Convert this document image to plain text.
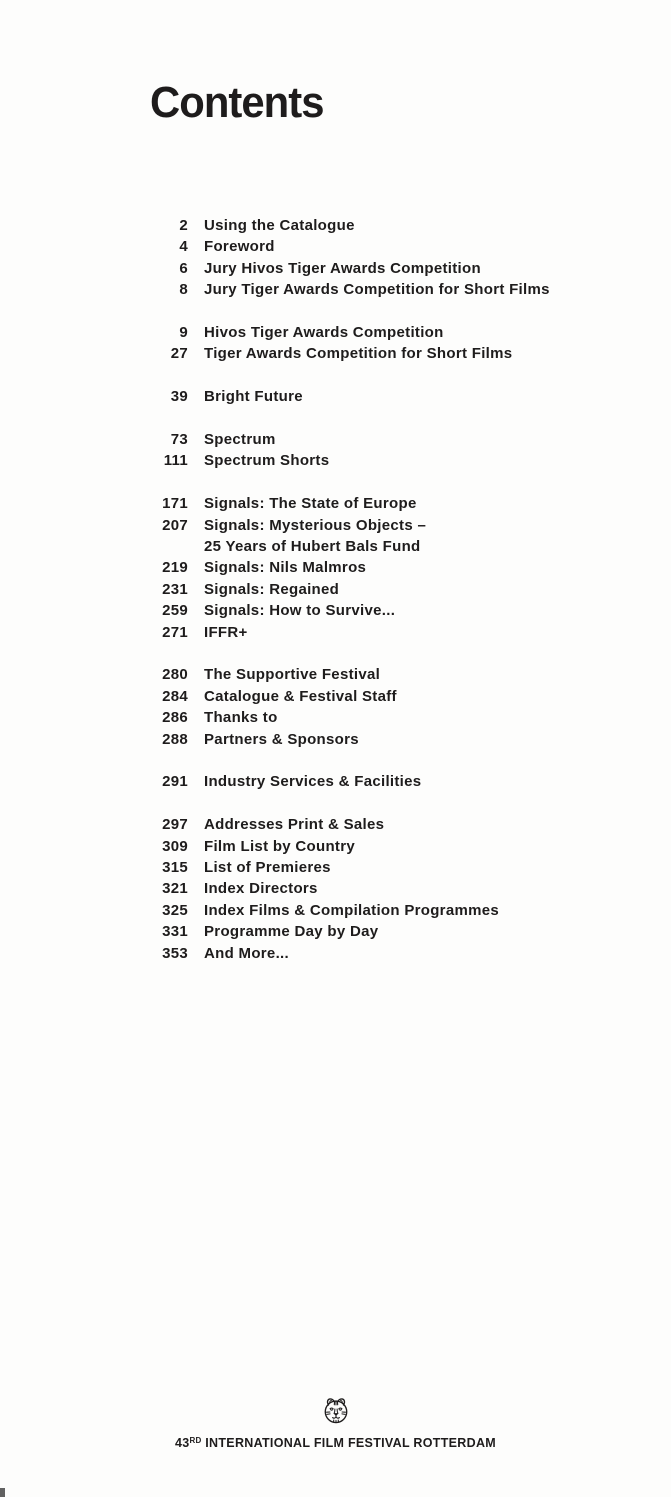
Contents
2 Using the Catalogue
4 Foreword
6 Jury Hivos Tiger Awards Competition
8 Jury Tiger Awards Competition for Short Films
9 Hivos Tiger Awards Competition
27 Tiger Awards Competition for Short Films
39 Bright Future
73 Spectrum
111 Spectrum Shorts
171 Signals: The State of Europe
207 Signals: Mysterious Objects –
25 Years of Hubert Bals Fund
219 Signals: Nils Malmros
231 Signals: Regained
259 Signals: How to Survive...
271 IFFR+
280 The Supportive Festival
284 Catalogue & Festival Staff
286 Thanks to
288 Partners & Sponsors
291 Industry Services & Facilities
297 Addresses Print & Sales
309 Film List by Country
315 List of Premieres
321 Index Directors
325 Index Films & Compilation Programmes
331 Programme Day by Day
353 And More...
43RD INTERNATIONAL FILM FESTIVAL ROTTERDAM
